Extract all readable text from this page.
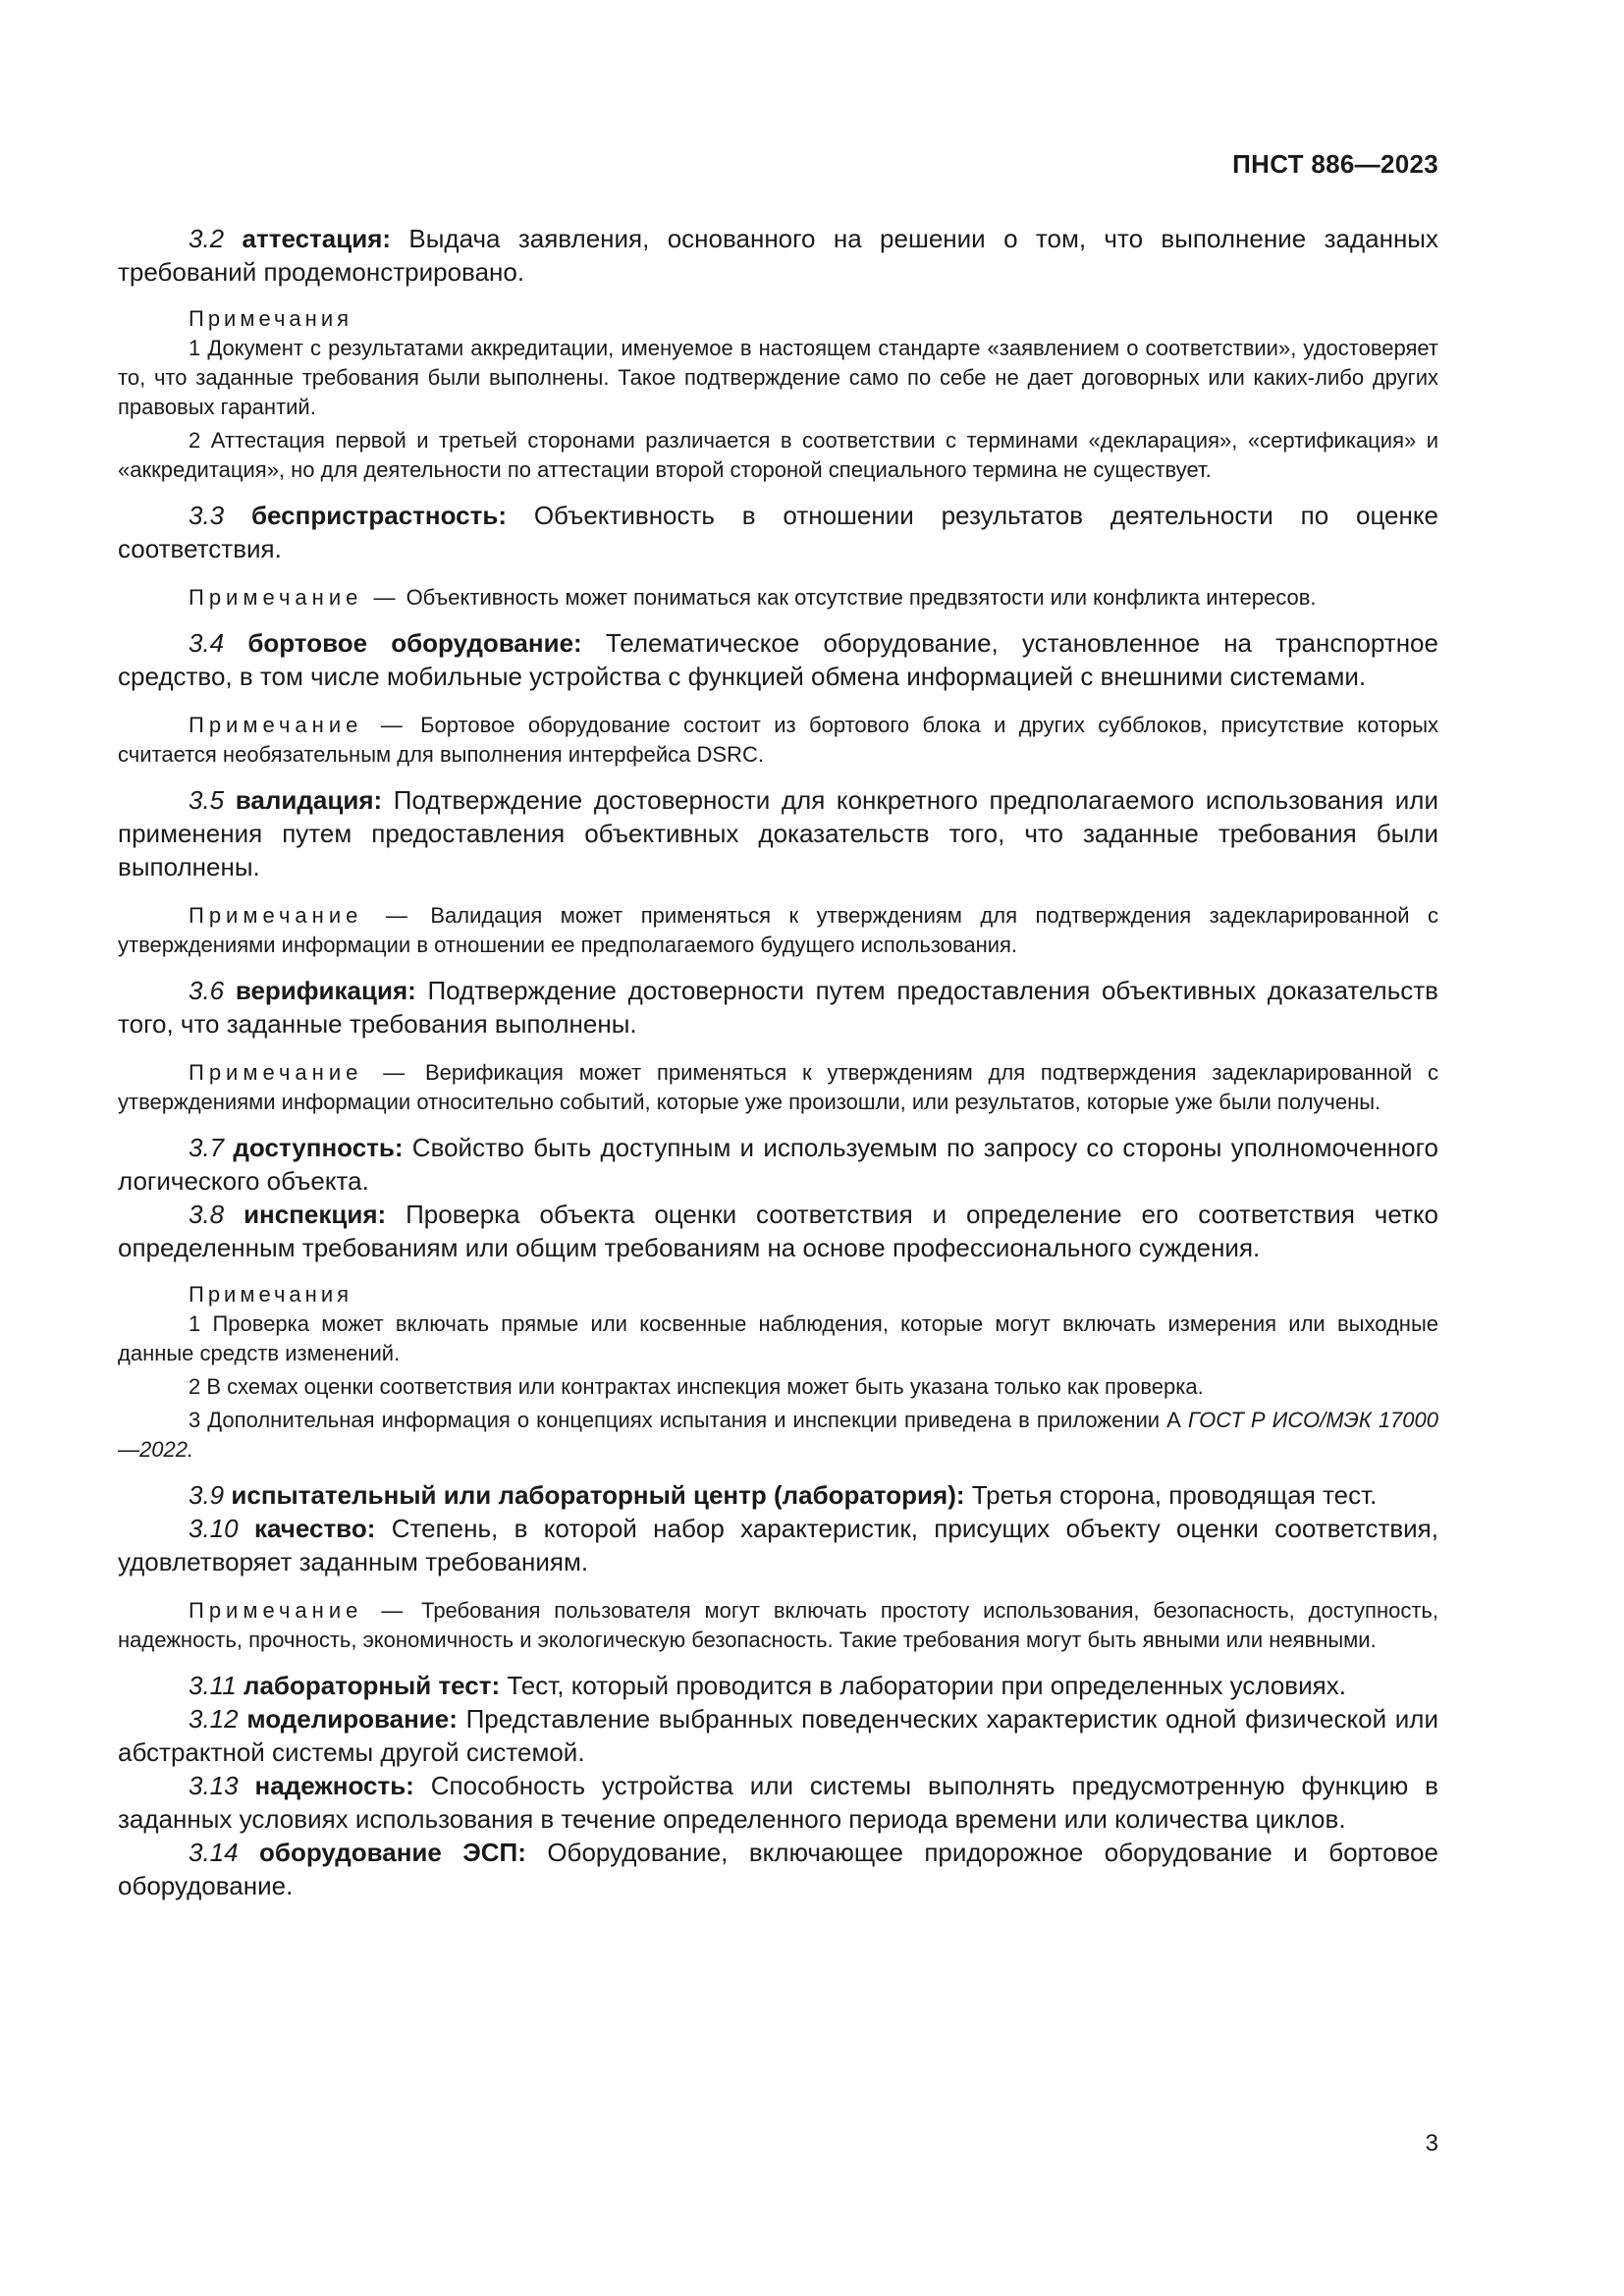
ПНСТ 886—2023

3.2 аттестация: Выдача заявления, основанного на решении о том, что выполнение заданных требований продемонстрировано.

Примечания

1 Документ с результатами аккредитации, именуемое в настоящем стандарте «заявлением о соответствии», удостоверяет то, что заданные требования были выполнены. Такое подтверждение само по себе не дает договорных или каких-либо других правовых гарантий.

2 Аттестация первой и третьей сторонами различается в соответствии с терминами «декларация», «сертификация» и «аккредитация», но для деятельности по аттестации второй стороной специального термина не существует.

3.3 беспристрастность: Объективность в отношении результатов деятельности по оценке соответствия.

Примечание — Объективность может пониматься как отсутствие предвзятости или конфликта интересов.

3.4 бортовое оборудование: Телематическое оборудование, установленное на транспортное средство, в том числе мобильные устройства с функцией обмена информацией с внешними системами.

Примечание — Бортовое оборудование состоит из бортового блока и других субблоков, присутствие которых считается необязательным для выполнения интерфейса DSRC.

3.5 валидация: Подтверждение достоверности для конкретного предполагаемого использования или применения путем предоставления объективных доказательств того, что заданные требования были выполнены.

Примечание — Валидация может применяться к утверждениям для подтверждения задекларированной с утверждениями информации в отношении ее предполагаемого будущего использования.

3.6 верификация: Подтверждение достоверности путем предоставления объективных доказательств того, что заданные требования выполнены.

Примечание — Верификация может применяться к утверждениям для подтверждения задекларированной с утверждениями информации относительно событий, которые уже произошли, или результатов, которые уже были получены.

3.7 доступность: Свойство быть доступным и используемым по запросу со стороны уполномоченного логического объекта.

3.8 инспекция: Проверка объекта оценки соответствия и определение его соответствия четко определенным требованиям или общим требованиям на основе профессионального суждения.

Примечания

1 Проверка может включать прямые или косвенные наблюдения, которые могут включать измерения или выходные данные средств изменений.

2 В схемах оценки соответствия или контрактах инспекция может быть указана только как проверка.

3 Дополнительная информация о концепциях испытания и инспекции приведена в приложении А ГОСТ Р ИСО/МЭК 17000—2022.

3.9 испытательный или лабораторный центр (лаборатория): Третья сторона, проводящая тест.

3.10 качество: Степень, в которой набор характеристик, присущих объекту оценки соответствия, удовлетворяет заданным требованиям.

Примечание — Требования пользователя могут включать простоту использования, безопасность, доступность, надежность, прочность, экономичность и экологическую безопасность. Такие требования могут быть явными или неявными.

3.11 лабораторный тест: Тест, который проводится в лаборатории при определенных условиях.

3.12 моделирование: Представление выбранных поведенческих характеристик одной физической или абстрактной системы другой системой.

3.13 надежность: Способность устройства или системы выполнять предусмотренную функцию в заданных условиях использования в течение определенного периода времени или количества циклов.

3.14 оборудование ЭСП: Оборудование, включающее придорожное оборудование и бортовое оборудование.

3
